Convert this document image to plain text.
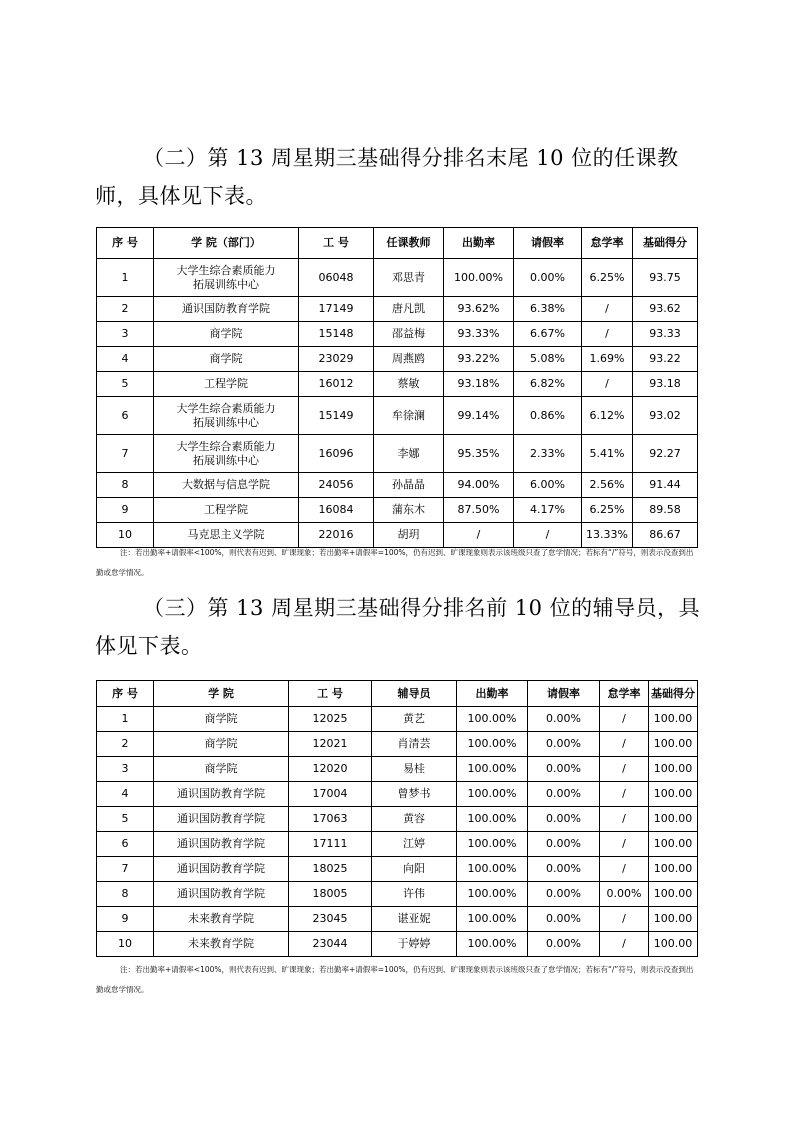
（二）第 13 周星期三基础得分排名末尾 10 位的任课教师，具体见下表。

序 号	学 院（部门）	工 号	任课教师	出勤率	请假率	怠学率	基础得分
1	大学生综合素质能力
拓展训练中心	06048	邓思青	100.00%	0.00%	6.25%	93.75
2	通识国防教育学院	17149	唐凡凯	93.62%	6.38%	/	93.62
3	商学院	15148	邵益梅	93.33%	6.67%	/	93.33
4	商学院	23029	周燕鸥	93.22%	5.08%	1.69%	93.22
5	工程学院	16012	蔡敏	93.18%	6.82%	/	93.18
6	大学生综合素质能力
拓展训练中心	15149	牟徐澜	99.14%	0.86%	6.12%	93.02
7	大学生综合素质能力
拓展训练中心	16096	李娜	95.35%	2.33%	5.41%	92.27
8	大数据与信息学院	24056	孙晶晶	94.00%	6.00%	2.56%	91.44
9	工程学院	16084	蒲东木	87.50%	4.17%	6.25%	89.58
10	马克思主义学院	22016	胡玥	/	/	13.33%	86.67

注：若出勤率+请假率<100%，则代表有迟到、旷课现象；若出勤率+请假率=100%，仍有迟到、旷课现象则表示该班级只查了怠学情况；若标有“/”符号，则表示没查到出勤或怠学情况。

（三）第 13 周星期三基础得分排名前 10 位的辅导员，具体见下表。

序 号	学 院	工 号	辅导员	出勤率	请假率	怠学率	基础得分
1	商学院	12025	黄艺	100.00%	0.00%	/	100.00
2	商学院	12021	肖清芸	100.00%	0.00%	/	100.00
3	商学院	12020	易桂	100.00%	0.00%	/	100.00
4	通识国防教育学院	17004	曾梦书	100.00%	0.00%	/	100.00
5	通识国防教育学院	17063	黄容	100.00%	0.00%	/	100.00
6	通识国防教育学院	17111	江婷	100.00%	0.00%	/	100.00
7	通识国防教育学院	18025	向阳	100.00%	0.00%	/	100.00
8	通识国防教育学院	18005	许伟	100.00%	0.00%	0.00%	100.00
9	未来教育学院	23045	谌亚妮	100.00%	0.00%	/	100.00
10	未来教育学院	23044	于婷婷	100.00%	0.00%	/	100.00

注：若出勤率+请假率<100%，则代表有迟到、旷课现象；若出勤率+请假率=100%，仍有迟到、旷课现象则表示该班级只查了怠学情况；若标有“/”符号，则表示没查到出勤或怠学情况。
